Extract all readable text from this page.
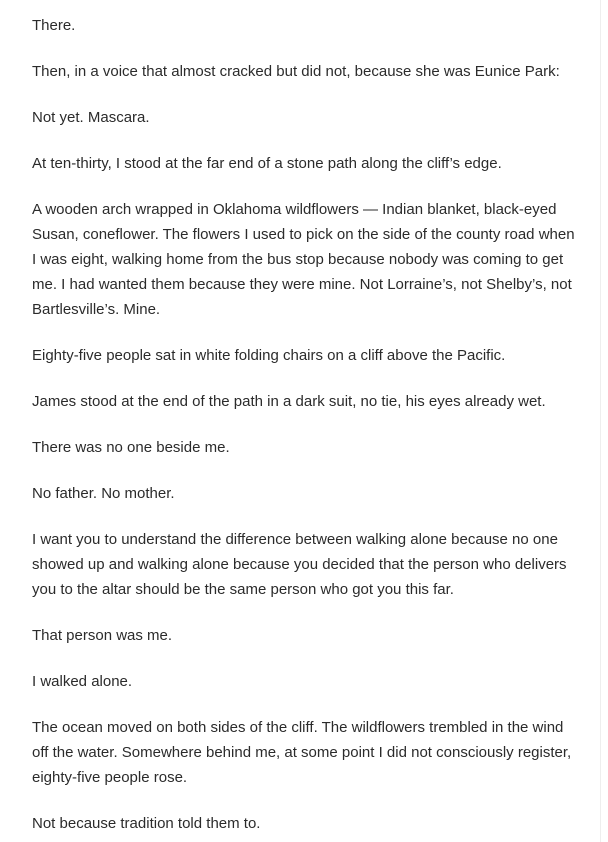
There.

Then, in a voice that almost cracked but did not, because she was Eunice Park:

Not yet. Mascara.

At ten-thirty, I stood at the far end of a stone path along the cliff’s edge.

A wooden arch wrapped in Oklahoma wildflowers — Indian blanket, black-eyed Susan, coneflower. The flowers I used to pick on the side of the county road when I was eight, walking home from the bus stop because nobody was coming to get me. I had wanted them because they were mine. Not Lorraine’s, not Shelby’s, not Bartlesville’s. Mine.

Eighty-five people sat in white folding chairs on a cliff above the Pacific.

James stood at the end of the path in a dark suit, no tie, his eyes already wet.

There was no one beside me.

No father. No mother.

I want you to understand the difference between walking alone because no one showed up and walking alone because you decided that the person who delivers you to the altar should be the same person who got you this far.

That person was me.

I walked alone.

The ocean moved on both sides of the cliff. The wildflowers trembled in the wind off the water. Somewhere behind me, at some point I did not consciously register, eighty-five people rose.

Not because tradition told them to.
